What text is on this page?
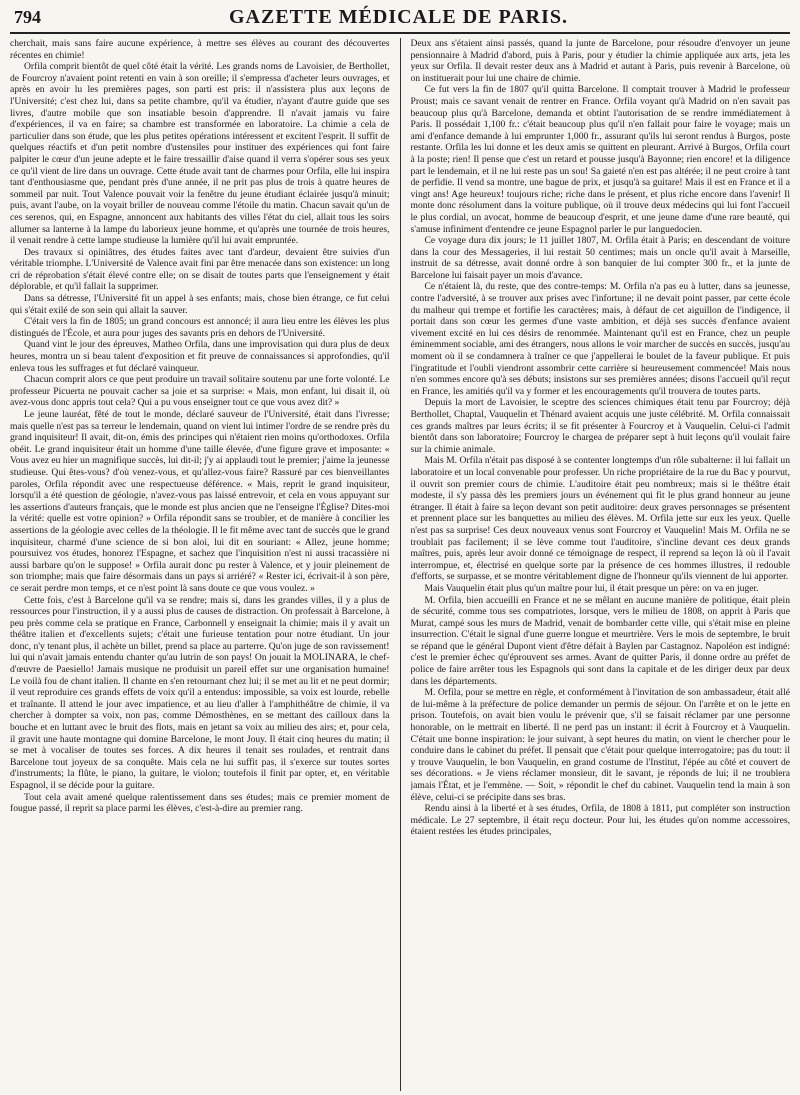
794	GAZETTE MÉDICALE DE PARIS.

cherchait, mais sans faire aucune expérience, à mettre ses élèves au courant des découvertes récentes en chimie!

Orfila comprit bientôt de quel côté était la vérité. Les grands noms de Lavoisier, de Berthollet, de Fourcroy n'avaient point retenti en vain à son oreille; il s'empressa d'acheter leurs ouvrages, et après en avoir lu les premières pages, son parti est pris: il n'assistera plus aux leçons de l'Université; c'est chez lui, dans sa petite chambre, qu'il va étudier, n'ayant d'autre guide que ses livres, d'autre mobile que son insatiable besoin d'apprendre. Il n'avait jamais vu faire d'expériences, il va en faire; sa chambre est transformée en laboratoire. La chimie a cela de particulier dans son étude, que les plus petites opérations intéressent et excitent l'esprit. Il suffit de quelques réactifs et d'un petit nombre d'ustensiles pour instituer des expériences qui font faire palpiter le cœur d'un jeune adepte et le faire tressaillir d'aise quand il verra s'opérer sous ses yeux ce qu'il vient de lire dans un ouvrage. Cette étude avait tant de charmes pour Orfila, elle lui inspira tant d'enthousiasme que, pendant près d'une année, il ne prit pas plus de trois à quatre heures de sommeil par nuit. Tout Valence pouvait voir la fenêtre du jeune étudiant éclairée jusqu'à minuit; puis, avant l'aube, on la voyait briller de nouveau comme l'étoile du matin. Chacun savait qu'un de ces serenos, qui, en Espagne, annoncent aux habitants des villes l'état du ciel, allait tous les soirs allumer sa lanterne à la lampe du laborieux jeune homme, et qu'après une tournée de trois heures, il venait rendre à cette lampe studieuse la lumière qu'il lui avait empruntée.

Des travaux si opiniâtres, des études faites avec tant d'ardeur, devaient être suivies d'un véritable triomphe. L'Université de Valence avait fini par être menacée dans son existence: un long cri de réprobation s'était élevé contre elle; on se disait de toutes parts que l'enseignement y était déplorable, et qu'il fallait la supprimer.

Dans sa détresse, l'Université fit un appel à ses enfants; mais, chose bien étrange, ce fut celui qui s'était exilé de son sein qui allait la sauver.

C'était vers la fin de 1805; un grand concours est annoncé; il aura lieu entre les élèves les plus distingués de l'École, et aura pour juges des savants pris en dehors de l'Université.

Quand vint le jour des épreuves, Matheo Orfila, dans une improvisation qui dura plus de deux heures, montra un si beau talent d'exposition et fit preuve de connaissances si approfondies, qu'il enleva tous les suffrages et fut déclaré vainqueur.

Chacun comprit alors ce que peut produire un travail solitaire soutenu par une forte volonté. Le professeur Picuerta ne pouvait cacher sa joie et sa surprise: « Mais, mon enfant, lui disait il, où avez-vous donc appris tout cela? Qui a pu vous enseigner tout ce que vous avez dit? »

Le jeune lauréat, fêté de tout le monde, déclaré sauveur de l'Université, était dans l'ivresse; mais quelle n'est pas sa terreur le lendemain, quand on vient lui intimer l'ordre de se rendre près du grand inquisiteur! Il avait, dit-on, émis des principes qui n'étaient rien moins qu'orthodoxes. Orfila obéit. Le grand inquisiteur était un homme d'une taille élevée, d'une figure grave et imposante: « Vous avez eu hier un magnifique succès, lui dit-il; j'y ai applaudi tout le premier; j'aime la jeunesse studieuse. Qui êtes-vous? d'où venez-vous, et qu'allez-vous faire? Rassuré par ces bienveillantes paroles, Orfila répondit avec une respectueuse déférence. « Mais, reprit le grand inquisiteur, lorsqu'il a été question de géologie, n'avez-vous pas laissé entrevoir, et cela en vous appuyant sur les assertions d'auteurs français, que le monde est plus ancien que ne l'enseigne l'Église? Dites-moi la vérité: quelle est votre opinion? » Orfila répondit sans se troubler, et de manière à concilier les assertions de la géologie avec celles de la théologie. Il le fit même avec tant de succès que le grand inquisiteur, charmé d'une science de si bon aloi, lui dit en souriant: « Allez, jeune homme; poursuivez vos études, honorez l'Espagne, et sachez que l'inquisition n'est ni aussi tracassière ni aussi barbare qu'on le suppose! » Orfila aurait donc pu rester à Valence, et y jouir pleinement de son triomphe; mais que faire désormais dans un pays si arriéré? « Rester ici, écrivait-il à son père, ce serait perdre mon temps, et ce n'est point là sans doute ce que vous voulez. »

Cette fois, c'est à Barcelone qu'il va se rendre; mais si, dans les grandes villes, il y a plus de ressources pour l'instruction, il y a aussi plus de causes de distraction. On professait à Barcelone, à peu près comme cela se pratique en France, Carbonnell y enseignait la chimie; mais il y avait un théâtre italien et d'excellents sujets; c'était une furieuse tentation pour notre étudiant. Un jour donc, n'y tenant plus, il achète un billet, prend sa place au parterre. Qu'on juge de son ravissement! lui qui n'avait jamais entendu chanter qu'au lutrin de son pays! On jouait la MOLINARA, le chef-d'œuvre de Paesiello! Jamais musique ne produisit un pareil effet sur une organisation humaine! Le voilà fou de chant italien. Il chante en s'en retournant chez lui; il se met au lit et ne peut dormir; il veut reproduire ces grands effets de voix qu'il a entendus: impossible, sa voix est lourde, rebelle et traînante. Il attend le jour avec impatience, et au lieu d'aller à l'amphithéâtre de chimie, il va chercher à dompter sa voix, non pas, comme Démosthènes, en se mettant des cailloux dans la bouche et en luttant avec le bruit des flots, mais en jetant sa voix au milieu des airs; et, pour cela, il gravit une haute montagne qui domine Barcelone, le mont Jouy. Il était cinq heures du matin; il se met à vocaliser de toutes ses forces. A dix heures il tenait ses roulades, et rentrait dans Barcelone tout joyeux de sa conquête. Mais cela ne lui suffit pas, il s'exerce sur toutes sortes d'instruments; la flûte, le piano, la guitare, le violon; toutefois il finit par opter, et, en véritable Espagnol, il se décide pour la guitare.

Tout cela avait amené quelque ralentissement dans ses études; mais ce premier moment de fougue passé, il reprit sa place parmi les élèves, c'est-à-dire au premier rang.

Deux ans s'étaient ainsi passés, quand la junte de Barcelone, pour résoudre d'envoyer un jeune pensionnaire à Madrid d'abord, puis à Paris, pour y étudier la chimie appliquée aux arts, jeta les yeux sur Orfila. Il devait rester deux ans à Madrid et autant à Paris, puis revenir à Barcelone, où on instituerait pour lui une chaire de chimie.

Ce fut vers la fin de 1807 qu'il quitta Barcelone. Il comptait trouver à Madrid le professeur Proust; mais ce savant venait de rentrer en France. Orfila voyant qu'à Madrid on n'en savait pas beaucoup plus qu'à Barcelone, demanda et obtint l'autorisation de se rendre immédiatement à Paris. Il possédait 1,100 fr.: c'était beaucoup plus qu'il n'en fallait pour faire le voyage; mais un ami d'enfance demande à lui emprunter 1,000 fr., assurant qu'ils lui seront rendus à Burgos, poste restante. Orfila les lui donne et les deux amis se quittent en pleurant. Arrivé à Burgos, Orfila court à la poste; rien! Il pense que c'est un retard et pousse jusqu'à Bayonne; rien encore! et la diligence part le lendemain, et il ne lui reste pas un sou! Sa gaieté n'en est pas altérée; il ne peut croire à tant de perfidie. Il vend sa montre, une bague de prix, et jusqu'à sa guitare! Mais il est en France et il a vingt ans! Age heureux! toujours riche; riche dans le présent, et plus riche encore dans l'avenir! Il monte donc résolument dans la voiture publique, où il trouve deux médecins qui lui font l'accueil le plus cordial, un avocat, homme de beaucoup d'esprit, et une jeune dame d'une rare beauté, qui s'amuse infiniment d'entendre ce jeune Espagnol parler le pur languedocien.

Ce voyage dura dix jours; le 11 juillet 1807, M. Orfila était à Paris; en descendant de voiture dans la cour des Messageries, il lui restait 50 centimes; mais un oncle qu'il avait à Marseille, instruit de sa détresse, avait donné ordre à son banquier de lui compter 300 fr., et la junte de Barcelone lui faisait payer un mois d'avance.

Ce n'étaient là, du reste, que des contre-temps: M. Orfila n'a pas eu à lutter, dans sa jeunesse, contre l'adversité, à se trouver aux prises avec l'infortune; il ne devait point passer, par cette école du malheur qui trempe et fortifie les caractères; mais, à défaut de cet aiguillon de l'indigence, il portait dans son cœur les germes d'une vaste ambition, et déjà ses succès d'enfance avaient vivement excité en lui ces désirs de renommée. Maintenant qu'il est en France, chez un peuple éminemment sociable, ami des étrangers, nous allons le voir marcher de succès en succès, jusqu'au moment où il se condamnera à traîner ce que j'appellerai le boulet de la faveur publique. Et puis l'ingratitude et l'oubli viendront assombrir cette carrière si heureusement commencée! Mais nous n'en sommes encore qu'à ses débuts; insistons sur ses premières années; disons l'accueil qu'il reçut en France, les amitiés qu'il va y former et les encouragements qu'il trouvera de toutes parts.

Depuis la mort de Lavoisier, le sceptre des sciences chimiques était tenu par Fourcroy; déjà Berthollet, Chaptal, Vauquelin et Thénard avaient acquis une juste célébrité. M. Orfila connaissait ces grands maîtres par leurs écrits; il se fit présenter à Fourcroy et à Vauquelin. Celui-ci l'admit bientôt dans son laboratoire; Fourcroy le chargea de préparer sept à huit leçons qu'il voulait faire sur la chimie animale.

Mais M. Orfila n'était pas disposé à se contenter longtemps d'un rôle subalterne: il lui fallait un laboratoire et un local convenable pour professer. Un riche propriétaire de la rue du Bac y pourvut, il ouvrit son premier cours de chimie. L'auditoire était peu nombreux; mais si le théâtre était modeste, il s'y passa dès les premiers jours un événement qui fit le plus grand honneur au jeune étranger. Il était à faire sa leçon devant son petit auditoire: deux graves personnages se présentent et prennent place sur les banquettes au milieu des élèves. M. Orfila jette sur eux les yeux. Quelle n'est pas sa surprise! Ces deux nouveaux venus sont Fourcroy et Vauquelin! Mais M. Orfila ne se troublait pas facilement; il se lève comme tout l'auditoire, s'incline devant ces deux grands maîtres, puis, après leur avoir donné ce témoignage de respect, il reprend sa leçon là où il l'avait interrompue, et, électrisé en quelque sorte par la présence de ces hommes illustres, il redouble d'efforts, se surpasse, et se montre véritablement digne de l'honneur qu'ils viennent de lui apporter.

Mais Vauquelin était plus qu'un maître pour lui, il était presque un père: on va en juger.

M. Orfila, bien accueilli en France et ne se mêlant en aucune manière de politique, était plein de sécurité, comme tous ses compatriotes, lorsque, vers le milieu de 1808, on apprit à Paris que Murat, campé sous les murs de Madrid, venait de bombarder cette ville, qui s'était mise en pleine insurrection. C'était le signal d'une guerre longue et meurtrière. Vers le mois de septembre, le bruit se répand que le général Dupont vient d'être défait à Baylen par Castagnoz. Napoléon est indigné: c'est le premier échec qu'éprouvent ses armes. Avant de quitter Paris, il donne ordre au préfet de police de faire arrêter tous les Espagnols qui sont dans la capitale et de les diriger deux par deux dans les départements.

M. Orfila, pour se mettre en règle, et conformément à l'invitation de son ambassadeur, était allé de lui-même à la préfecture de police demander un permis de séjour. On l'arrête et on le jette en prison. Toutefois, on avait bien voulu le prévenir que, s'il se faisait réclamer par une personne honorable, on le mettrait en liberté. Il ne perd pas un instant: il écrit à Fourcroy et à Vauquelin. C'était une bonne inspiration: le jour suivant, à sept heures du matin, on vient le chercher pour le conduire dans le cabinet du préfet. Il pensait que c'était pour quelque interrogatoire; pas du tout: il y trouve Vauquelin, le bon Vauquelin, en grand costume de l'Institut, l'épée au côté et couvert de ses décorations. « Je viens réclamer monsieur, dit le savant, je réponds de lui; il ne troublera jamais l'État, et je l'emmène. — Soit, » répondit le chef du cabinet. Vauquelin tend la main à son élève, celui-ci se précipite dans ses bras.

Rendu ainsi à la liberté et à ses études, Orfila, de 1808 à 1811, put compléter son instruction médicale. Le 27 septembre, il était reçu docteur. Pour lui, les études qu'on nomme accessoires, étaient restées les études principales,
